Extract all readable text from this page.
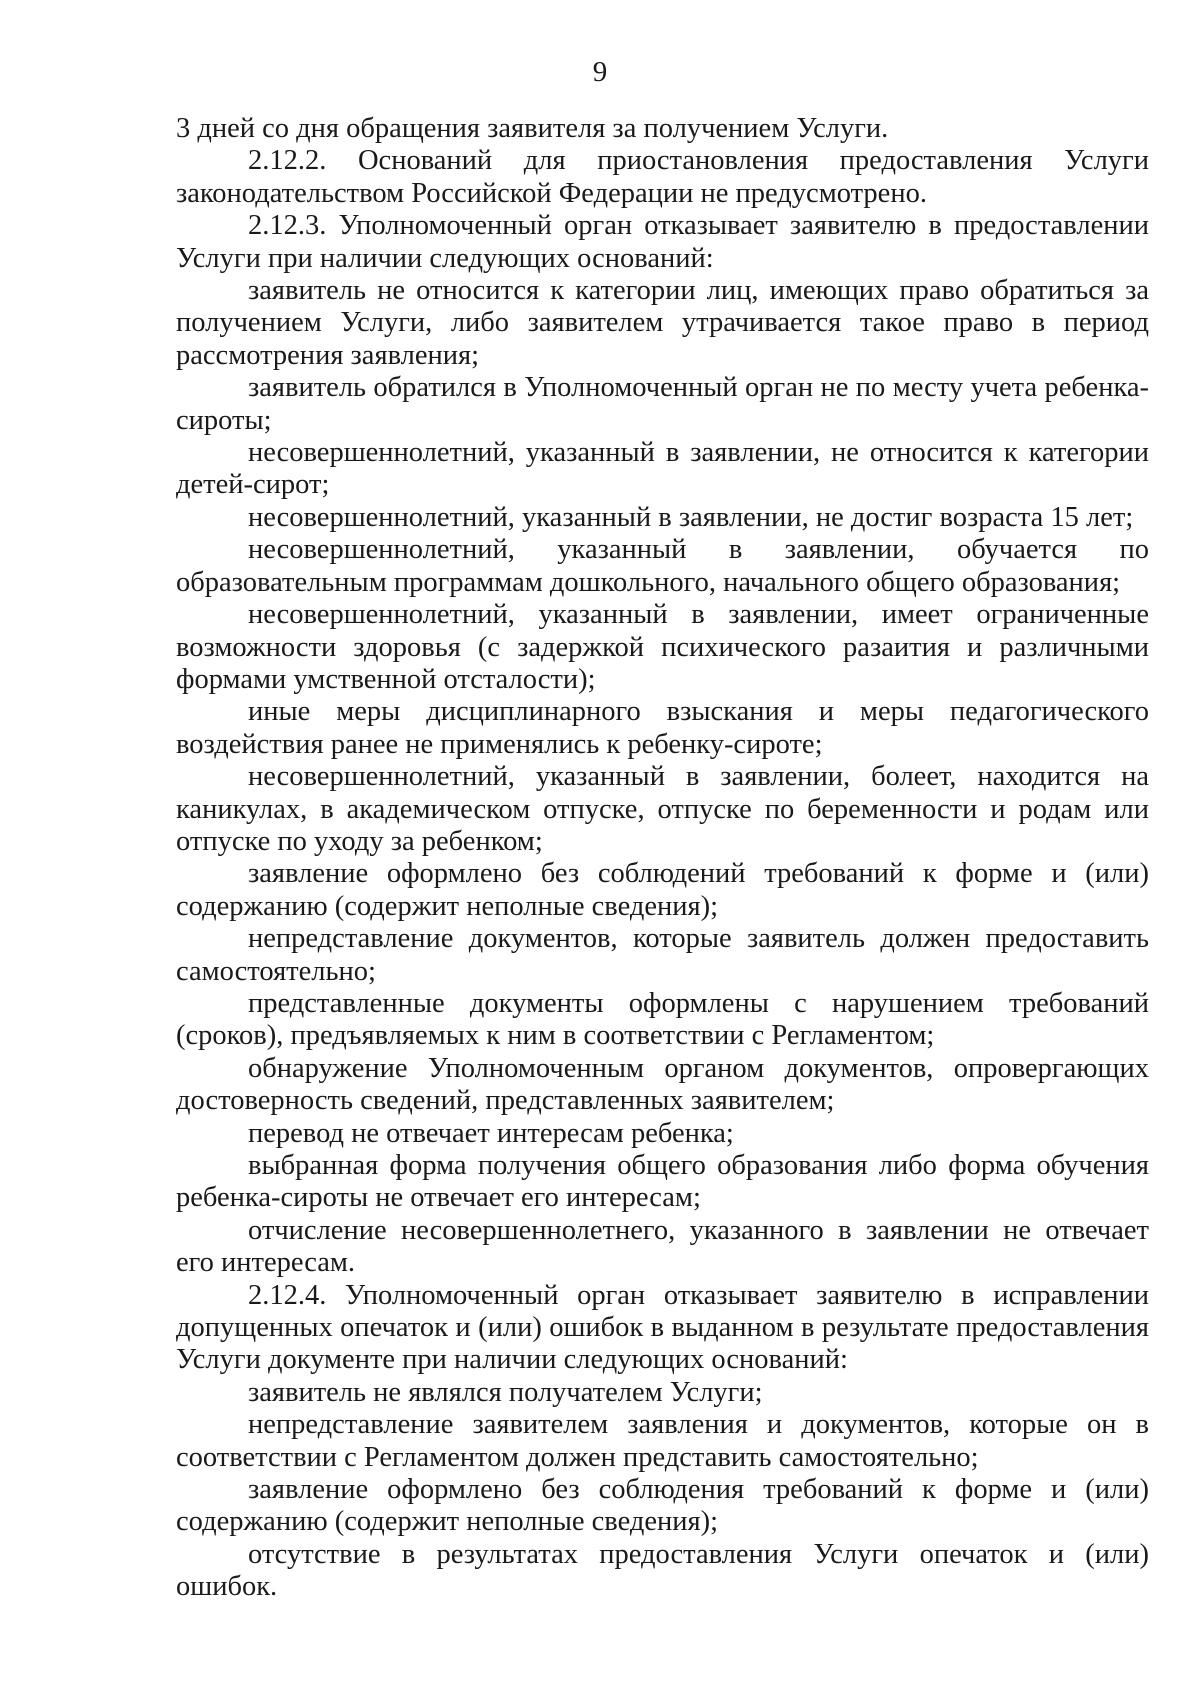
9

3 дней со дня обращения заявителя за получением Услуги.

2.12.2. Оснований для приостановления предоставления Услуги законодательством Российской Федерации не предусмотрено.

2.12.3. Уполномоченный орган отказывает заявителю в предоставлении Услуги при наличии следующих оснований:

заявитель не относится к категории лиц, имеющих право обратиться за получением Услуги, либо заявителем утрачивается такое право в период рассмотрения заявления;

заявитель обратился в Уполномоченный орган не по месту учета ребенка-сироты;

несовершеннолетний, указанный в заявлении, не относится к категории детей-сирот;

несовершеннолетний, указанный в заявлении, не достиг возраста 15 лет;

несовершеннолетний, указанный в заявлении, обучается по образовательным программам дошкольного, начального общего образования;

несовершеннолетний, указанный в заявлении, имеет ограниченные возможности здоровья (с задержкой психического разаития и различными формами умственной отсталости);

иные меры дисциплинарного взыскания и меры педагогического воздействия ранее не применялись к ребенку-сироте;

несовершеннолетний, указанный в заявлении, болеет, находится на каникулах, в академическом отпуске, отпуске по беременности и родам или отпуске по уходу за ребенком;

заявление оформлено без соблюдений требований к форме и (или) содержанию (содержит неполные сведения);

непредставление документов, которые заявитель должен предоставить самостоятельно;

представленные документы оформлены с нарушением требований (сроков), предъявляемых к ним в соответствии с Регламентом;

обнаружение Уполномоченным органом документов, опровергающих достоверность сведений, представленных заявителем;

перевод не отвечает интересам ребенка;

выбранная форма получения общего образования либо форма обучения ребенка-сироты не отвечает его интересам;

отчисление несовершеннолетнего, указанного в заявлении не отвечает его интересам.

2.12.4. Уполномоченный орган отказывает заявителю в исправлении допущенных опечаток и (или) ошибок в выданном в результате предоставления Услуги документе при наличии следующих оснований:

заявитель не являлся получателем Услуги;

непредставление заявителем заявления и документов, которые он в соответствии с Регламентом должен представить самостоятельно;

заявление оформлено без соблюдения требований к форме и (или) содержанию (содержит неполные сведения);

отсутствие в результатах предоставления Услуги опечаток и (или) ошибок.
